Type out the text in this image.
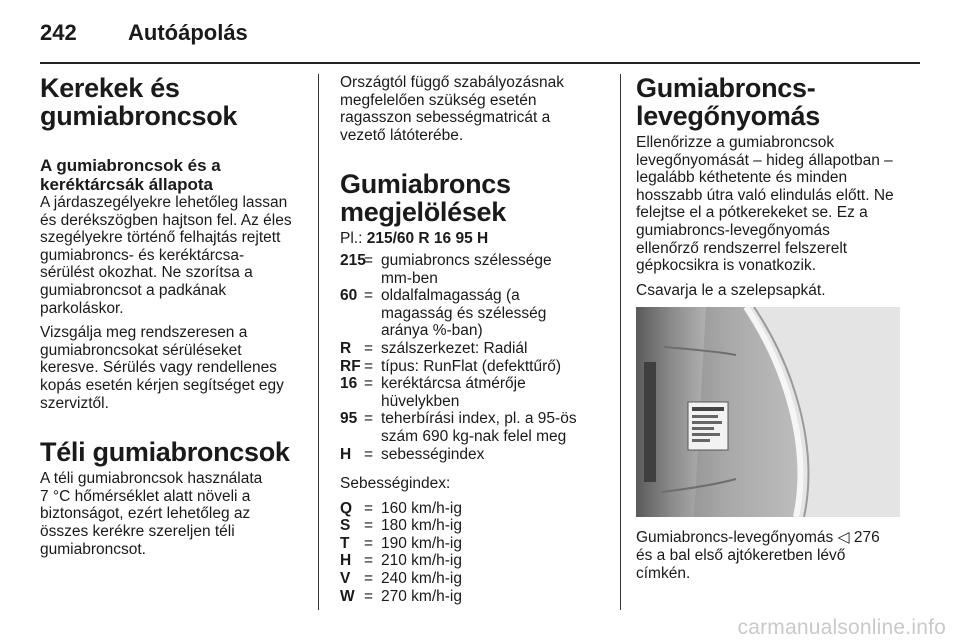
242 Autóápolás
Kerekek és
gumiabroncsok
A gumiabroncsok és a
keréktárcsák állapota

A járdaszegélyekre lehetőleg lassan
és derékszögben hajtson fel. Az éles
szegélyekre történő felhajtás rejtett
gumiabroncs- és keréktárcsa-
sérülést okozhat. Ne szorítsa a
gumiabroncsot a padkának
parkoláskor.

Vizsgálja meg rendszeresen a
gumiabroncsokat sérüléseket
keresve. Sérülés vagy rendellenes
kopás esetén kérjen segítséget egy
szerviztől.

Téli gumiabroncsok

A téli gumiabroncsok használata
7 °C hőmérséklet alatt növeli a
biztonságot, ezért lehetőleg az
összes kerékre szereljen téli
gumiabroncsot.

Országtól függő szabályozásnak
megfelelően szükség esetén
ragasszon sebességmatricát a
vezető látóterébe.

Gumiabroncs
megjelölések

Pl.: 215/60 R 16 95 H

215
= gumiabroncs szélessége
mm-ben
60 = oldalfalmagasság (a
magasság és szélesség
aránya %-ban)
R = szálszerkezet: Radiál
RF = típus: RunFlat (defekttűrő)
16 = keréktárcsa átmérője
hüvelykben
95 = teherbírási index, pl. a 95-ös
szám 690 kg-nak felel meg
H = sebességindex

Sebességindex:

Q = 160 km/h-ig
S = 180 km/h-ig
T = 190 km/h-ig
H = 210 km/h-ig
V = 240 km/h-ig
W = 270 km/h-ig
Gumiabroncs-
levegőnyomás

Ellenőrizze a gumiabroncsok
levegőnyomását – hideg állapotban –
legalább kéthetente és minden
hosszabb útra való elindulás előtt. Ne
felejtse el a pótkerekeket se. Ez a
gumiabroncs-levegőnyomás
ellenőrző rendszerrel felszerelt
gépkocsikra is vonatkozik.

Csavarja le a szelepsapkát.

Gumiabroncs-levegőnyomás ◁ 276
és a bal első ajtókeretben lévő
címkén.

carmanualsonline.info
